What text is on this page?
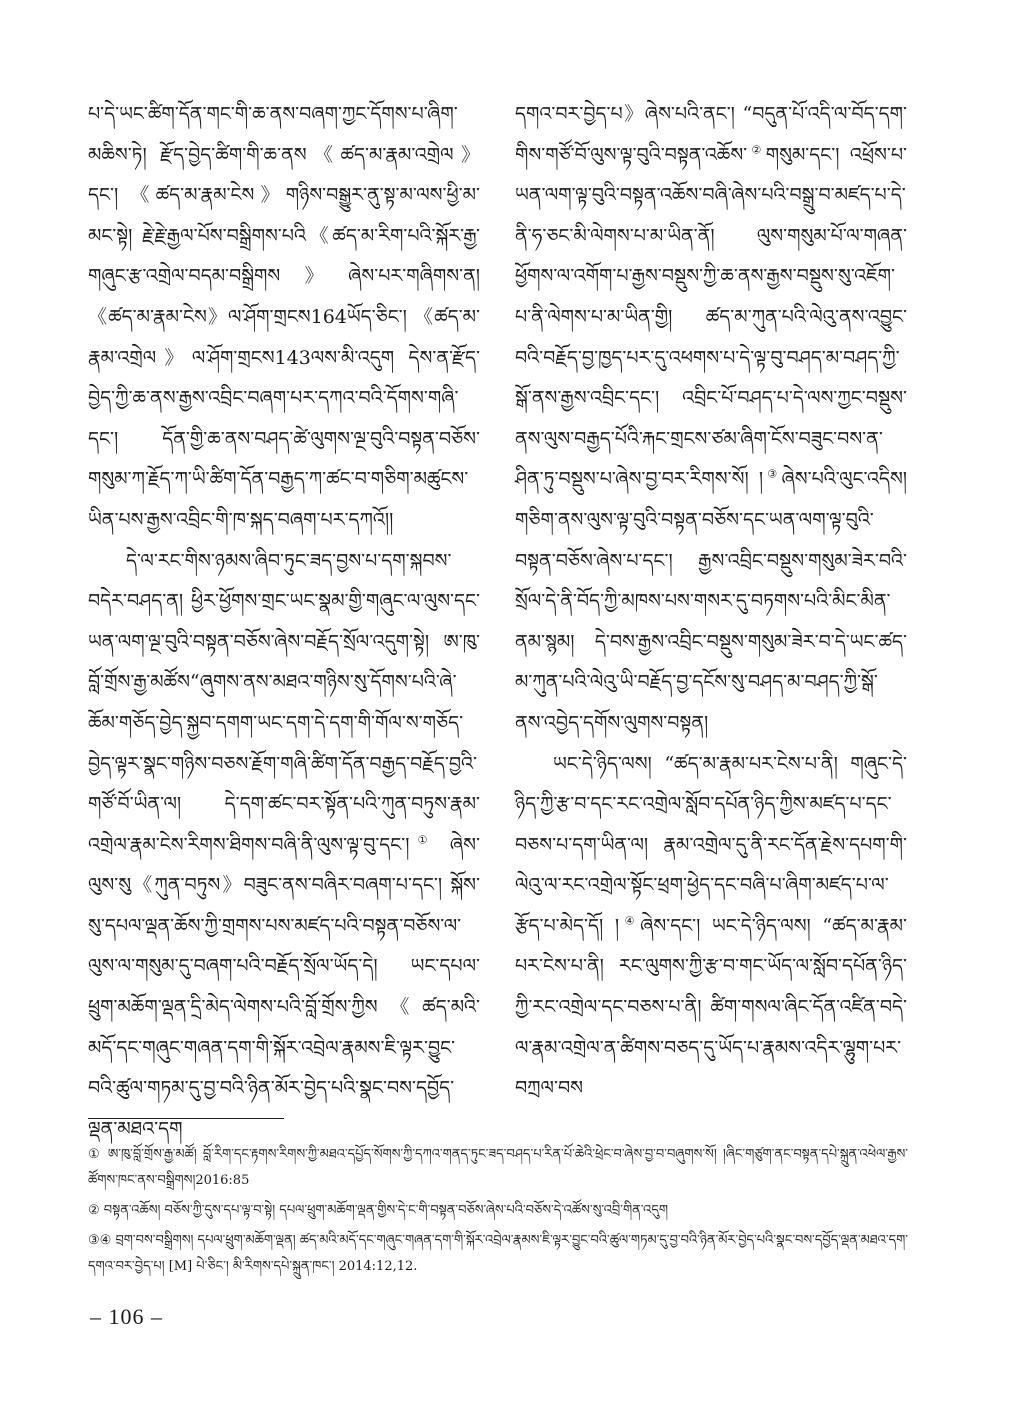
པ་དེ་ཡང་ཚིག་དོན་གང་གི་ཆ་ནས་བཞག་ཀྱང་དོགས་པ་ཞིག་མཆིས་ཏེ། རྫོད་བྱེད་ཚིག་གི་ཆ་ནས《ཚད་མ་རྣམ་འགྲེལ》དང་། 《ཚད་མ་རྣམ་ངེས》གཉིས་བསྒྱུར་ནུ་སྟ་མ་ལས་ཕྱི་མ་མང་སྟེ། རྗེ་རྗེ་རྒྱལ་པོས་བསྒྲིགས་པའི《ཚད་མ་རིག་པའི་སྐོར་རྒྱ་གཞུང་རྩ་འགྲེལ་བདམ་བསྒྲིགས》ཞེས་པར་གཞིགས་ན། 《ཚད་མ་རྣམ་ངེས》ལ་ཤོག་གྲངས164ཡོད་ཅིང་། 《ཚད་མ་རྣམ་འགྲེལ》ལ་ཤོག་གྲངས143ལས་མི་འདུག དེས་ན་རྫོད་བྱེད་ཀྱི་ཆ་ནས་རྒྱས་འབྲིང་བཞག་པར་དཀའ་བའི་དོགས་གཞི་དང་། དོན་གྱི་ཆ་ནས་བཤད་ཚེ་ལུགས་ལྔ་བུའི་བསྟན་བཅོས་གསུམ་ཀ་རྗོད་ཀ་ཡི་ཚིག་དོན་བརྒྱད་ཀ་ཚང་བ་གཅིག་མཚུངས་ཡིན་པས་རྒྱས་འབྲིང་གི་ཁ་སྐད་བཞག་པར་དཀའོ།།

དེ་ལ་རང་གིས་ཉམས་ཞིབ་ཏུང་ཟད་བྱས་པ་དག་སྐབས་བདེར་བཤད་ན། ཕྱིར་ཕྱོགས་གྲང་ཡང་སྣམ་གྱི་གཞུང་ལ་ལུས་དང་ཡན་ལག་ལྔ་བུའི་བསྟན་བཅོས་ཞེས་བརྗོད་སྲོལ་འདུག་སྟེ། ཨ་ཁུ་བློ་གྲོས་རྒྱ་མཚོས“ཞུགས་ནས་མཐའ་གཉིས་སུ་དོགས་པའི་ཞེ་ཆོམ་གཅོད་བྱེད་སྐྱབ་དགག་ཡང་དག་དེ་དག་གི་གོལ་ས་གཅོད་བྱེད་ལྟར་སྣང་གཉིས་བཅས་རྗོག་གཞི་ཚིག་དོན་བརྒྱད་བརྗོད་བྱའི་གཙོ་བོ་ཡིན་ལ། དེ་དག་ཚང་བར་སྟོན་པའི་ཀུན་བཏུས་རྣམ་འགྲེལ་རྣམ་ངེས་རིགས་ཐིགས་བཞི་ནི་ལུས་ལྟ་བུ་དང་།① ཞེས་ལུས་སུ《ཀུན་བཏུས》བཟུང་ནས་བཞིར་བཞག་པ་དང་། སྐོས་སུ་དཔལ་ལྡན་ཆོས་ཀྱི་གྲགས་པས་མཛད་པའི་བསྟན་བཅོས་ལ་ལུས་ལ་གསུམ་དུ་བཞག་པའི་བརྗོད་སྲོལ་ཡོད་དེ། ཡང་དཔལ་ཕྲུག་མཆོག་ལྡན་དྲི་མེད་ལེགས་པའི་བློ་གྲོས་ཀྱིས《ཚད་མའི་མདོ་དང་གཞུང་གཞན་དག་གི་སྐོར་འབྲེལ་རྣམས་ཇི་ལྟར་བྱུང་བའི་ཚུལ་གཏམ་དུ་བྱ་བའི་ཉིན་མོར་བྱེད་པའི་སྣང་བས་དབྱོད་ལྡན་མཐའ་དག

དགའ་བར་བྱེད་པ》ཞེས་པའི་ནང་། “བདུན་པོ་འདི་ལ་བོད་དག་གིས་གཙོ་བོ་ལུས་ལྟ་བུའི་བསྟན་འཆོས་②གསུམ་དང་། འཕྲོས་པ་ཡན་ལག་ལྟ་བུའི་བསྟན་འཆོས་བཞི་ཞེས་པའི་བསྒྲུ་བ་མཛད་པ་དེ་ནི་ཧ་ཅང་མི་ལེགས་པ་མ་ཡིན་ནོ། ལུས་གསུམ་པོ་ལ་གཞན་ཕྱོགས་ལ་འགོག་པ་རྒྱས་བསྡུས་ཀྱི་ཆ་ནས་རྒྱས་བསྡུས་སུ་འཇོག་པ་ནི་ལེགས་པ་མ་ཡིན་གྱི། ཚད་མ་ཀུན་པའི་ལེའུ་ནས་འབྱུང་བའི་བརྗོད་བྱ་ཁྱད་པར་དུ་འཕགས་པ་དེ་ལྟ་བུ་བཤད་མ་བཤད་ཀྱི་སྒོ་ནས་རྒྱས་འབྲིང་དང་། འབྲིང་པོ་བཤད་པ་དེ་ལས་ཀྱང་བསྡུས་ནས་ལུས་བརྒྱད་པོའི་རྐང་གྲངས་ཙམ་ཞིག་ངོས་བཟུང་བས་ན་ཤིན་ཏུ་བསྡུས་པ་ཞེས་བྱ་བར་རིགས་སོ། །③ཞེས་པའི་ལུང་འདིས། གཅིག་ནས་ལུས་ལྟ་བུའི་བསྟན་བཅོས་དང་ཡན་ལག་ལྟ་བུའི་བསྟན་བཅོས་ཞེས་པ་དང་། རྒྱས་འབྲིང་བསྡུས་གསུམ་ཟེར་བའི་སྲོལ་དེ་ནི་བོད་ཀྱི་མཁས་པས་གསར་དུ་བཏགས་པའི་མིང་མིན་ནམ་སྙམ། དེ་བས་རྒྱས་འབྲིང་བསྡུས་གསུམ་ཟེར་བ་དེ་ཡང་ཚད་མ་ཀུན་པའི་ལེའུ་ཡི་བརྗོད་བྱ་དངོས་སུ་བཤད་མ་བཤད་ཀྱི་སྒོ་ནས་འབྱེད་དགོས་ལུགས་བསྟན།

ཡང་དེ་ཉིད་ལས། “ཚད་མ་རྣམ་པར་ངེས་པ་ནི། གཞུང་དེ་ཉིད་ཀྱི་རྩ་བ་དང་རང་འགྲེལ་སློབ་དཔོན་ཉིད་ཀྱིས་མཛད་པ་དང་བཅས་པ་དག་ཡིན་ལ། རྣམ་འགྲེལ་དུ་ནི་རང་དོན་རྗེས་དཔག་གི་ལེའུ་ལ་རང་འགྲེལ་སྟོང་ཕྲག་ཕྱེད་དང་བཞི་པ་ཞིག་མཛད་པ་ལ་རྩོད་པ་མེད་དོ། །④ཞེས་དང་། ཡང་དེ་ཉིད་ལས། “ཚད་མ་རྣམ་པར་ངེས་པ་ནི། རང་ལུགས་ཀྱི་རྩ་བ་གང་ཡོད་ལ་སློབ་དཔོན་ཉིད་ཀྱི་རང་འགྲེལ་དང་བཅས་པ་ནི། ཚིག་གསལ་ཞིང་དོན་འཛིན་བདེ་ལ་རྣམ་འགྲེལ་ན་ཚིགས་བཅད་དུ་ཡོད་པ་རྣམས་འདིར་ལྷུག་པར་བཀྲལ་བས

① ཨ་ཁུ་བློ་གྲོས་རྒྱ་མཚོ། བློ་རིག་དང་རྟགས་རིགས་ཀྱི་མཐའ་དཔྱོད་སོགས་ཀྱི་དཀའ་གནད་ཏུང་ཟད་བཤད་པ་རིན་པོ་ཆེའི་ཕྲེང་བ་ཞེས་བྱ་བ་བཞུགས་སོ། །ཞིང་གཙུག་ནང་བསྟན་དཔེ་སྐྲུན་འཕེལ་རྒྱས་ཚོགས་ཁང་ནས་བསྒྲིགས།2016:85

② བསྟན་འཆོས། བཅོས་ཀྱི་དུས་དཔ་ལྟ་བ་སྟེ། དཔལ་ཕྲུག་མཆོག་ལྡན་གྱིས་དེ་ང་གི་བསྟན་བཅོས་ཞེས་པའི་བཅོས་དེ་འཚོས་སུ་འབྲི་གིན་འདུག

③④ བྲག་བས་བསྒྲིགས། དཔལ་ཕྲུག་མཆོག་ལྡན། ཚད་མའི་མདོ་དང་གཞུང་གཞན་དག་གི་སྐོར་འབྲེལ་རྣམས་ཇི་ལྟར་བྱུང་བའི་ཚུལ་གཏམ་དུ་བྱ་བའི་ཉིན་མོར་བྱེད་པའི་སྣང་བས་དབྱོད་ལྡན་མཐའ་དག་དགའ་བར་བྱེད་པ། [M] པེ་ཅིང་། མི་རིགས་དཔེ་སྐྲུན་ཁང་། 2014:12,12.

– 106 –
